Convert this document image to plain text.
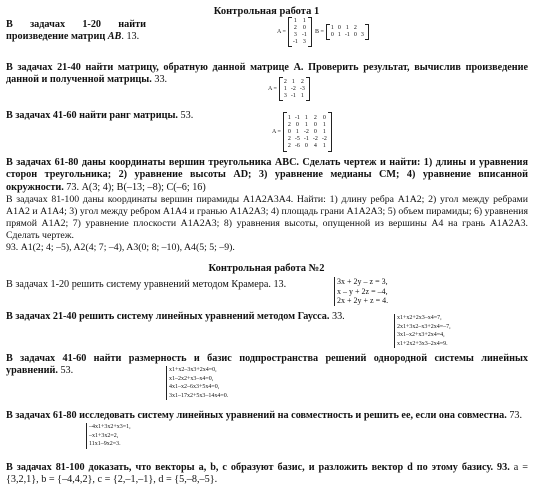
Контрольная работа 1
В задачах 1-20 найти произведение матриц АВ. 13.	A =
1 1
2 0
3 -1
-1 3
B =
1 0 1 2
0 1 -1 0 3
В задачах 21-40 найти матрицу, обратную данной матрице А. Проверить результат, вычислив произведение данной и полученной матрицы. 33.
A =
2 1 2
1 -2 -3
3 -1 1
В задачах 41-60 найти ранг матрицы. 53.
A =
1 -1 1 2 0
2 0 1 0 1
0 1 -2 0 1
2 -5 -1 -2 -2
2 -6 0 4 1
В задачах 61-80 даны координаты вершин треугольника ABC. Сделать чертеж и найти: 1) длины и уравнения сторон треугольника; 2) уравнение высоты AD; 3) уравнение медианы СМ; 4) уравнение вписанной окружности. 73. A(3; 4); B(–13; –8); C(–6; 16)
В задачах 81-100 даны координаты вершин пирамиды A1A2A3A4. Найти: 1) длину ребра A1A2; 2) угол между ребрами A1A2 и A1A4; 3) угол между ребром A1A4 и гранью A1A2A3; 4) площадь грани A1A2A3; 5) объем пирамиды; 6) уравнения прямой A1A2; 7) уравнение плоскости A1A2A3; 8) уравнения высоты, опущенной из вершины A4 на грань A1A2A3. Сделать чертеж.
93. A1(2; 4; –5), A2(4; 7; –4), A3(0; 8; –10), A4(5; 5; –9).
Контрольная работа №2
В задачах 1-20 решить систему уравнений методом Крамера. 13.	3x + 2y – z = 3,
x – y + 2z = –4,
2x + 2y + z = 4.
В задачах 21-40 решить систему линейных уравнений методом Гаусса. 33.	x1+x2+2x3–x4=7,
2x1+3x2–x3+2x4=–7,
3x1–x2+x3+2x4=4,
x1+2x2+3x3–2x4=9.
В задачах 41-60 найти размерность и базис подпространства решений однородной системы линейных уравнений. 53.	x1+x2–3x3+2x4=0,
x1–2x2+x3–x4=0,
4x1–x2–6x3+5x4=0,
3x1–17x2+5x3–14x4=0.
В задачах 61-80 исследовать систему линейных уравнений на совместность и решить ее, если она совместна. 73.
–4x1+3x2+x3=1,
–x1+3x2=2,
11x1–9x2=3.
В задачах 81-100 доказать, что векторы a, b, c образуют базис, и разложить вектор d по этому базису. 93. a = {3,2,1}, b = {–4,4,2}, c = {2,–1,–1}, d = {5,–8,–5}.
